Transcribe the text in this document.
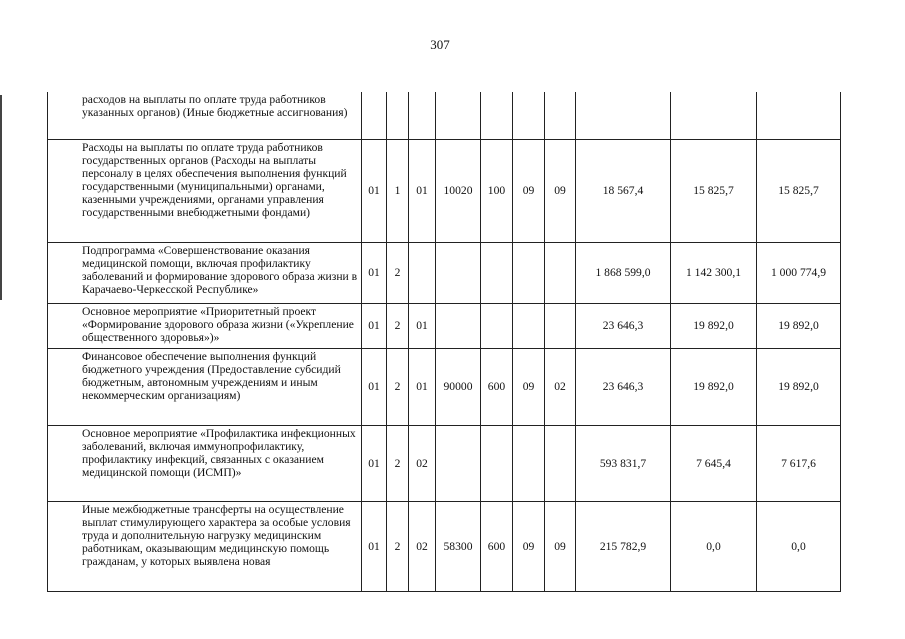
307
расходов на выплаты по оплате труда работников указанных органов) (Иные бюджетные ассигнования)										
Расходы на выплаты по оплате труда работников государственных органов (Расходы на выплаты персоналу в целях обеспечения выполнения функций государственными (муниципальными) органами, казенными учреждениями, органами управления государственными внебюджетными фондами)	01	1	01	10020	100	09	09	18 567,4	15 825,7	15 825,7
Подпрограмма «Совершенствование оказания медицинской помощи, включая профилактику заболеваний и формирование здорового образа жизни в Карачаево-Черкесской Республике»	01	2						1 868 599,0	1 142 300,1	1 000 774,9
Основное мероприятие «Приоритетный проект «Формирование здорового образа жизни («Укрепление общественного здоровья»)»	01	2	01					23 646,3	19 892,0	19 892,0
Финансовое обеспечение выполнения функций бюджетного учреждения (Предоставление субсидий бюджетным, автономным учреждениям и иным некоммерческим организациям)	01	2	01	90000	600	09	02	23 646,3	19 892,0	19 892,0
Основное мероприятие «Профилактика инфекционных заболеваний, включая иммунопрофилактику, профилактику инфекций, связанных с оказанием медицинской помощи (ИСМП)»	01	2	02					593 831,7	7 645,4	7 617,6
Иные межбюджетные трансферты на осуществление выплат стимулирующего характера за особые условия труда и дополнительную нагрузку медицинским работникам, оказывающим медицинскую помощь гражданам, у которых выявлена новая	01	2	02	58300	600	09	09	215 782,9	0,0	0,0
